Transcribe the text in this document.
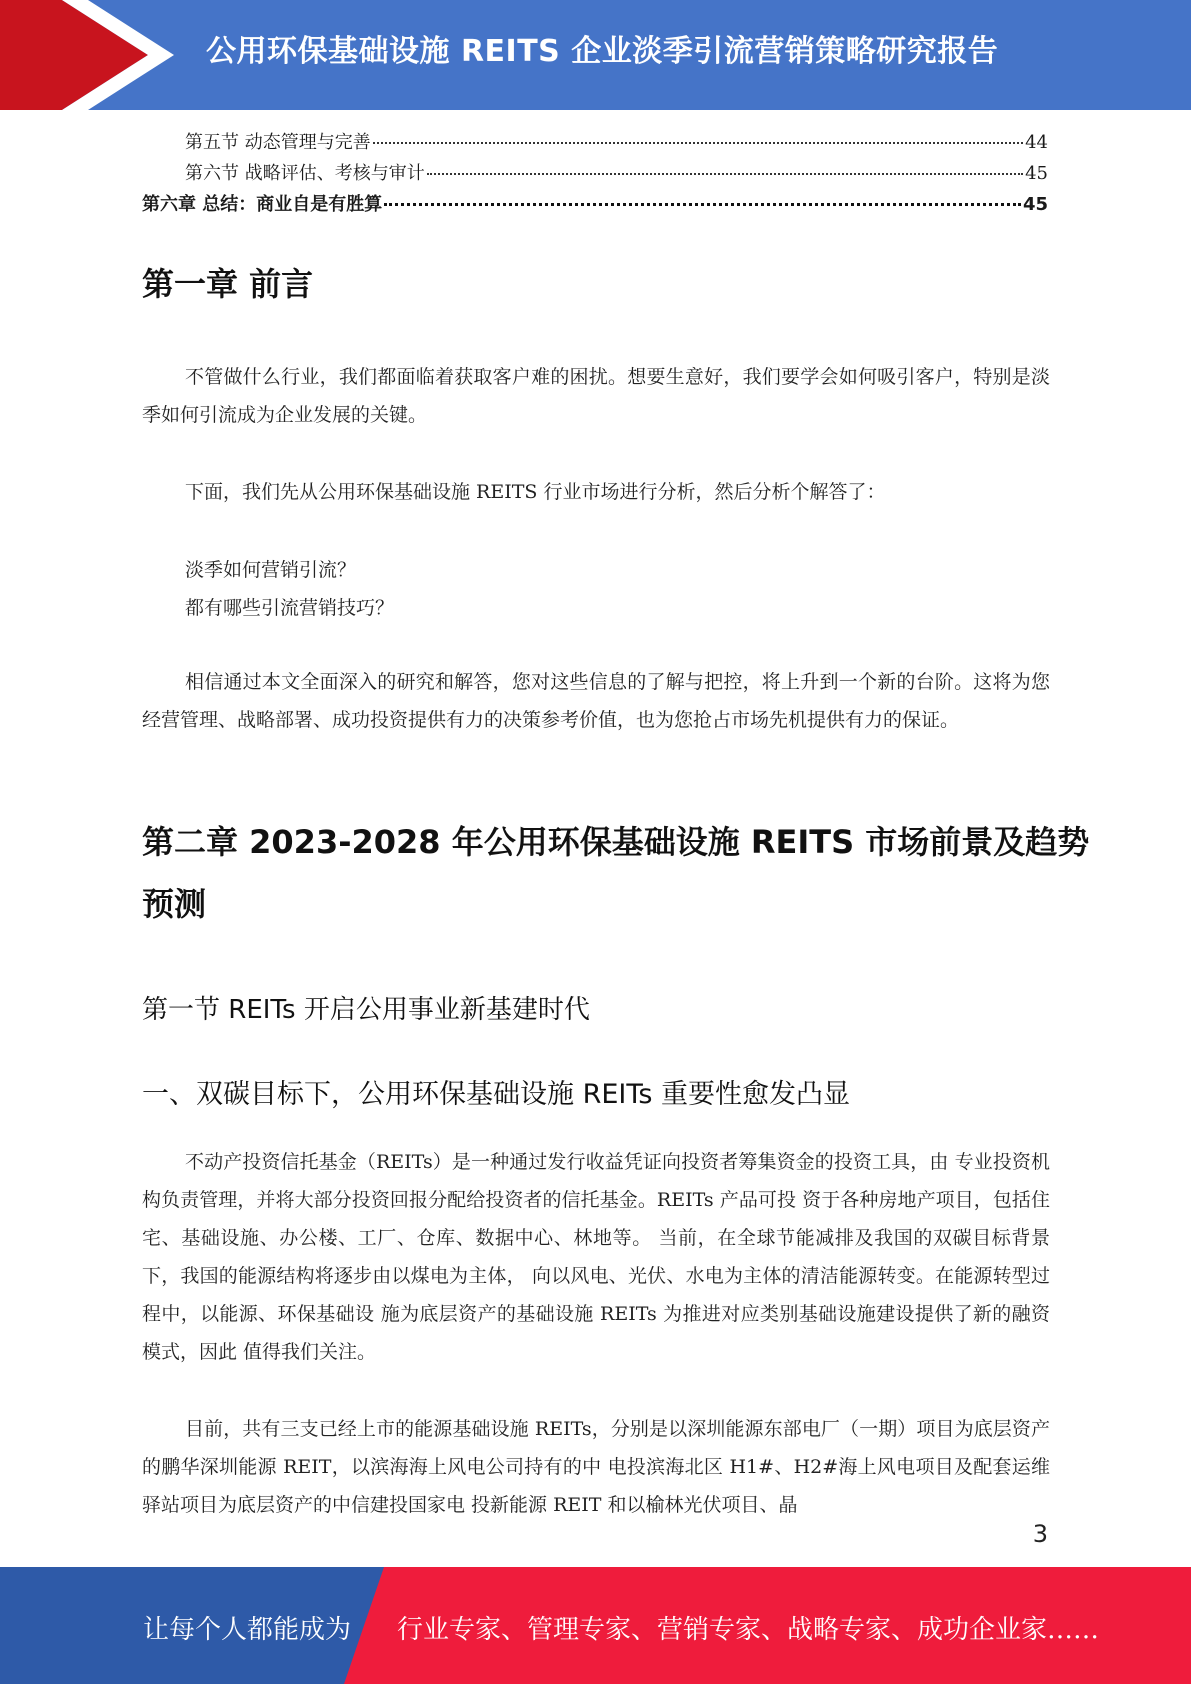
公用环保基础设施 REITS 企业淡季引流营销策略研究报告
第五节 动态管理与完善	44
第六节 战略评估、考核与审计	45
第六章 总结：商业自是有胜算	45
第一章 前言
不管做什么行业，我们都面临着获取客户难的困扰。想要生意好，我们要学会如何吸引客户，特别是淡季如何引流成为企业发展的关键。
下面，我们先从公用环保基础设施 REITS 行业市场进行分析，然后分析个解答了：
淡季如何营销引流？
都有哪些引流营销技巧？
相信通过本文全面深入的研究和解答，您对这些信息的了解与把控，将上升到一个新的台阶。这将为您经营管理、战略部署、成功投资提供有力的决策参考价值，也为您抢占市场先机提供有力的保证。
第二章 2023-2028 年公用环保基础设施 REITS 市场前景及趋势
预测
第一节 REITs 开启公用事业新基建时代
一、双碳目标下，公用环保基础设施 REITs 重要性愈发凸显
不动产投资信托基金（REITs）是一种通过发行收益凭证向投资者筹集资金的投资工具，由 专业投资机构负责管理，并将大部分投资回报分配给投资者的信托基金。REITs 产品可投 资于各种房地产项目，包括住宅、基础设施、办公楼、工厂、仓库、数据中心、林地等。 当前，在全球节能减排及我国的双碳目标背景下，我国的能源结构将逐步由以煤电为主体， 向以风电、光伏、水电为主体的清洁能源转变。在能源转型过程中，以能源、环保基础设 施为底层资产的基础设施 REITs 为推进对应类别基础设施建设提供了新的融资模式，因此 值得我们关注。
目前，共有三支已经上市的能源基础设施 REITs，分别是以深圳能源东部电厂（一期）项目为底层资产的鹏华深圳能源 REIT，以滨海海上风电公司持有的中 电投滨海北区 H1#、H2#海上风电项目及配套运维驿站项目为底层资产的中信建投国家电 投新能源 REIT 和以榆林光伏项目、晶
3
让每个人都能成为 行业专家、管理专家、营销专家、战略专家、成功企业家……
